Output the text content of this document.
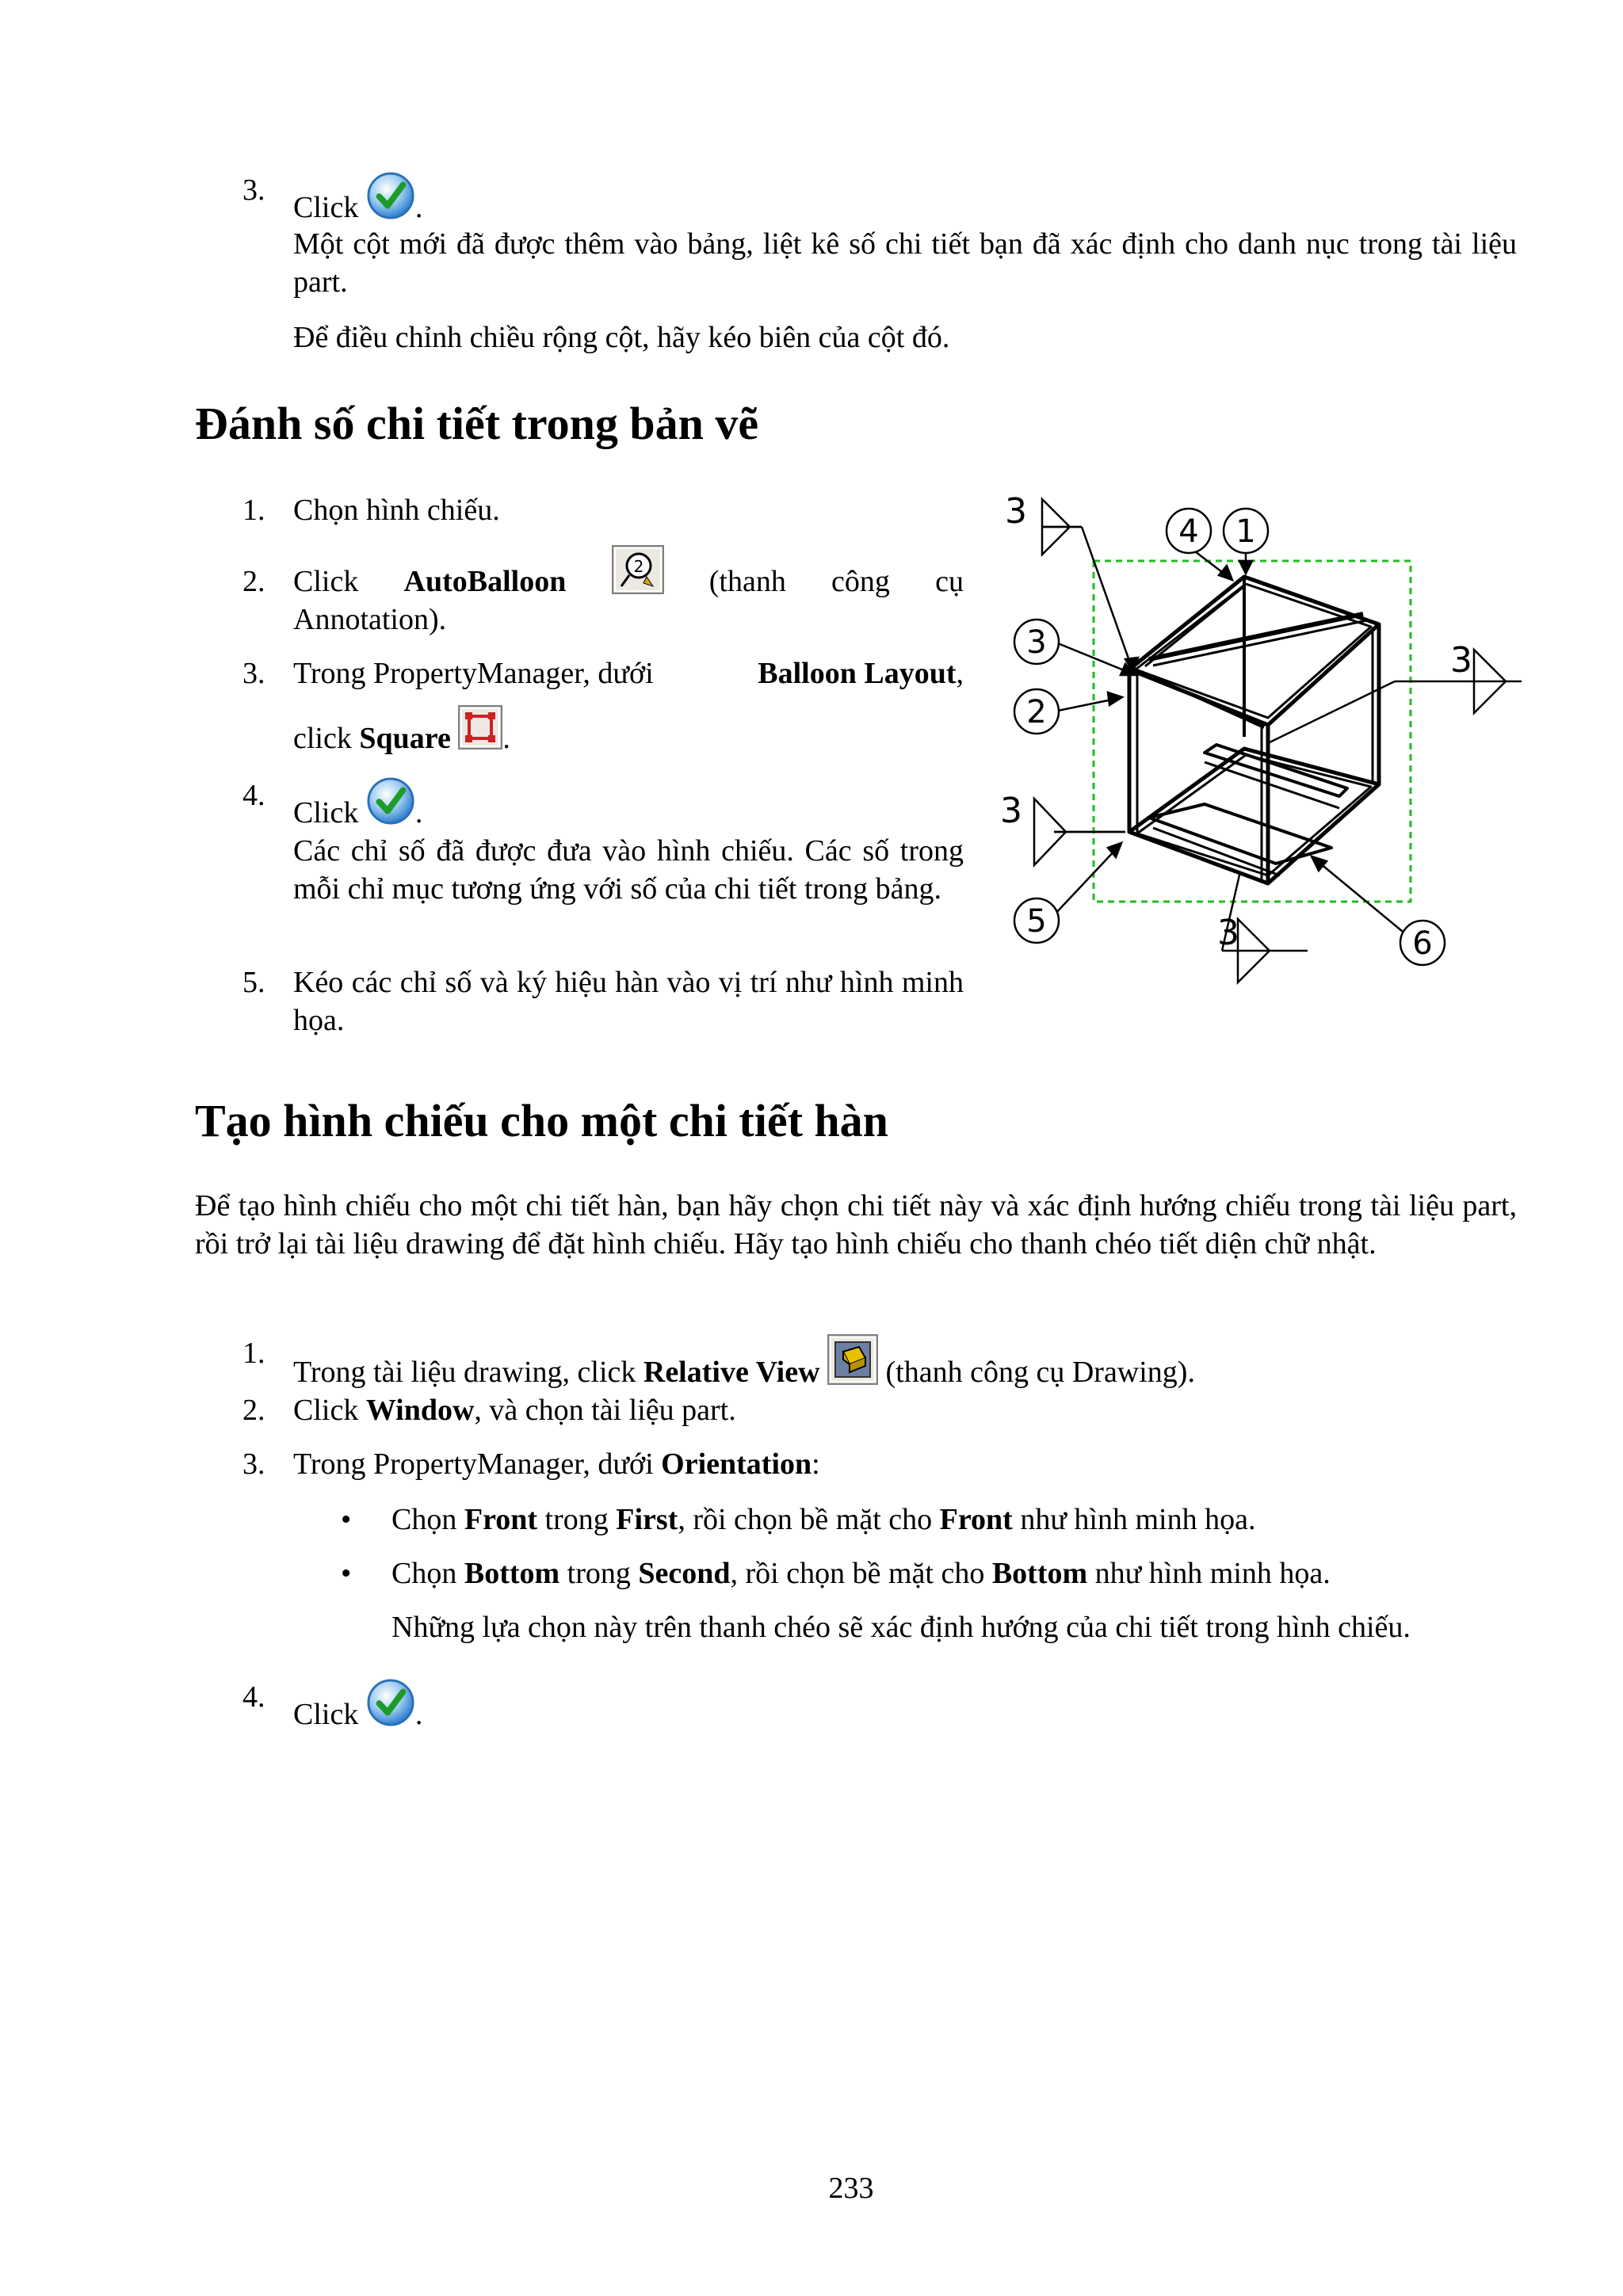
3.

Click .

Một cột mới đã được thêm vào bảng, liệt kê số chi tiết bạn đã xác định cho danh nục trong tài liệu part.

Để điều chỉnh chiều rộng cột, hãy kéo biên của cột đó.

Đánh số chi tiết trong bản vẽ
1. Chọn hình chiếu.

2. Click AutoBalloon	2 (thanh công cụ

Annotation).

3. Trong PropertyManager, dưới	Balloon Layout,

click Square .

4.

Click .

Các chỉ số đã được đưa vào hình chiếu. Các số trong mỗi chỉ mục tương ứng với số của chi tiết trong bảng.

5. Kéo các chỉ số và ký hiệu hàn vào vị trí như hình minh họa.

4 1
3
2
5
6
3
3
3
3
Tạo hình chiếu cho một chi tiết hàn

Để tạo hình chiếu cho một chi tiết hàn, bạn hãy chọn chi tiết này và xác định hướng chiếu trong tài liệu part, rồi trở lại tài liệu drawing để đặt hình chiếu. Hãy tạo hình chiếu cho thanh chéo tiết diện chữ nhật.

1.

Trong tài liệu drawing, click Relative View (thanh công cụ Drawing).

2. Click Window, và chọn tài liệu part.

3. Trong PropertyManager, dưới Orientation:

• Chọn Front trong First, rồi chọn bề mặt cho Front như hình minh họa.

• Chọn Bottom trong Second, rồi chọn bề mặt cho Bottom như hình minh họa.

Những lựa chọn này trên thanh chéo sẽ xác định hướng của chi tiết trong hình chiếu.

4.

Click .

233
